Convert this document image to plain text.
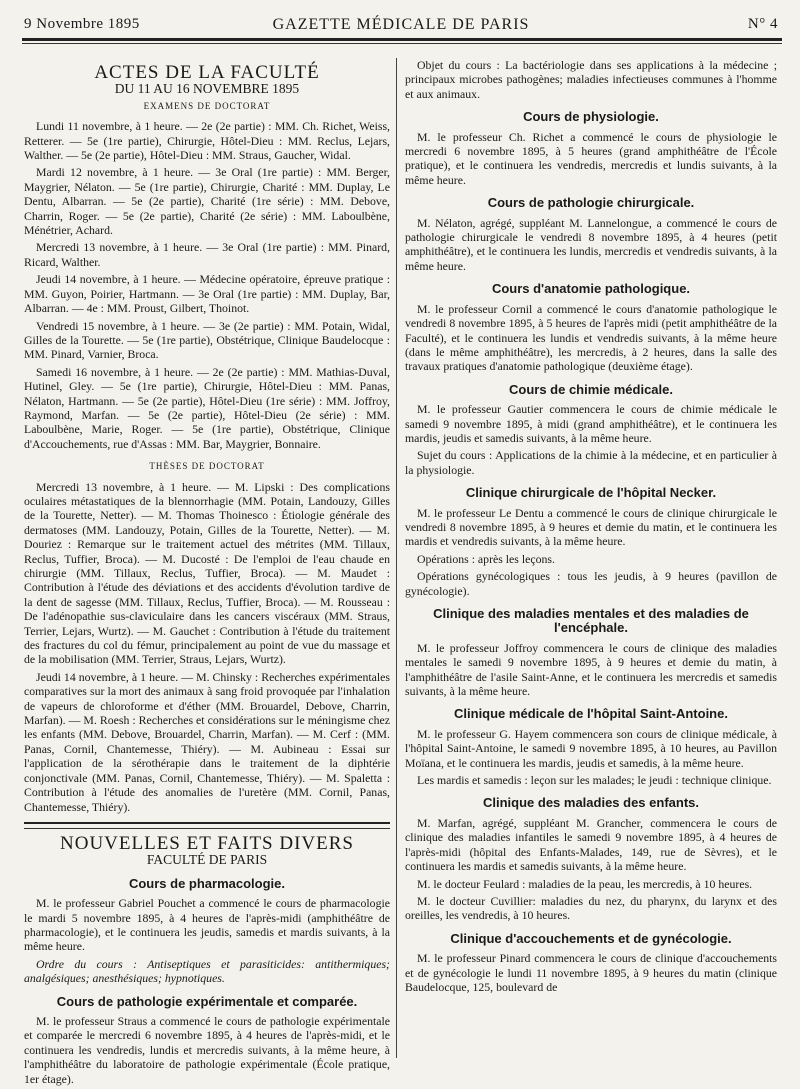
9 Novembre 1895	GAZETTE MÉDICALE DE PARIS	N° 4
ACTES DE LA FACULTÉ
DU 11 AU 16 NOVEMBRE 1895
EXAMENS DE DOCTORAT

Lundi 11 novembre, à 1 heure. — 2e (2e partie) : MM. Ch. Richet, Weiss, Retterer. — 5e (1re partie), Chirurgie, Hôtel-Dieu : MM. Reclus, Lejars, Walther. — 5e (2e partie), Hôtel-Dieu : MM. Straus, Gaucher, Widal.

Mardi 12 novembre, à 1 heure. — 3e Oral (1re partie) : MM. Berger, Maygrier, Nélaton. — 5e (1re partie), Chirurgie, Charité : MM. Duplay, Le Dentu, Albarran. — 5e (2e partie), Charité (1re série) : MM. Debove, Charrin, Roger. — 5e (2e partie), Charité (2e série) : MM. Laboulbène, Ménétrier, Achard.

Mercredi 13 novembre, à 1 heure. — 3e Oral (1re partie) : MM. Pinard, Ricard, Walther.

Jeudi 14 novembre, à 1 heure. — Médecine opératoire, épreuve pratique : MM. Guyon, Poirier, Hartmann. — 3e Oral (1re partie) : MM. Duplay, Bar, Albarran. — 4e : MM. Proust, Gilbert, Thoinot.

Vendredi 15 novembre, à 1 heure. — 3e (2e partie) : MM. Potain, Widal, Gilles de la Tourette. — 5e (1re partie), Obstétrique, Clinique Baudelocque : MM. Pinard, Varnier, Broca.

Samedi 16 novembre, à 1 heure. — 2e (2e partie) : MM. Mathias-Duval, Hutinel, Gley. — 5e (1re partie), Chirurgie, Hôtel-Dieu : MM. Panas, Nélaton, Hartmann. — 5e (2e partie), Hôtel-Dieu (1re série) : MM. Joffroy, Raymond, Marfan. — 5e (2e partie), Hôtel-Dieu (2e série) : MM. Laboulbène, Marie, Roger. — 5e (1re partie), Obstétrique, Clinique d'Accouchements, rue d'Assas : MM. Bar, Maygrier, Bonnaire.

THÈSES DE DOCTORAT

Mercredi 13 novembre, à 1 heure. — M. Lipski : Des complications oculaires métastatiques de la blennorrhagie (MM. Potain, Landouzy, Gilles de la Tourette, Netter). — M. Thomas Thoinesco : Étiologie générale des dermatoses (MM. Landouzy, Potain, Gilles de la Tourette, Netter). — M. Douriez : Remarque sur le traitement actuel des métrites (MM. Tillaux, Reclus, Tuffier, Broca). — M. Ducosté : De l'emploi de l'eau chaude en chirurgie (MM. Tillaux, Reclus, Tuffier, Broca). — M. Maudet : Contribution à l'étude des déviations et des accidents d'évolution tardive de la dent de sagesse (MM. Tillaux, Reclus, Tuffier, Broca). — M. Rousseau : De l'adénopathie sus-claviculaire dans les cancers viscéraux (MM. Straus, Terrier, Lejars, Wurtz). — M. Gauchet : Contribution à l'étude du traitement des fractures du col du fémur, principalement au point de vue du massage et de la mobilisation (MM. Terrier, Straus, Lejars, Wurtz).

Jeudi 14 novembre, à 1 heure. — M. Chinsky : Recherches expérimentales comparatives sur la mort des animaux à sang froid provoquée par l'inhalation de vapeurs de chloroforme et d'éther (MM. Brouardel, Debove, Charrin, Marfan). — M. Roesh : Recherches et considérations sur le méningisme chez les enfants (MM. Debove, Brouardel, Charrin, Marfan). — M. Cerf : (MM. Panas, Cornil, Chantemesse, Thiéry). — M. Aubineau : Essai sur l'application de la sérothérapie dans le traitement de la diphtérie conjonctivale (MM. Panas, Cornil, Chantemesse, Thiéry). — M. Spaletta : Contribution à l'étude des anomalies de l'uretère (MM. Cornil, Panas, Chantemesse, Thiéry).

NOUVELLES ET FAITS DIVERS
FACULTÉ DE PARIS
Cours de pharmacologie.

M. le professeur Gabriel Pouchet a commencé le cours de pharmacologie le mardi 5 novembre 1895, à 4 heures de l'après-midi (amphithéâtre de pharmacologie), et le continuera les jeudis, samedis et mardis suivants, à la même heure.

Ordre du cours : Antiseptiques et parasiticides: antithermiques; analgésiques; anesthésiques; hypnotiques.

Cours de pathologie expérimentale et comparée.

M. le professeur Straus a commencé le cours de pathologie expérimentale et comparée le mercredi 6 novembre 1895, à 4 heures de l'après-midi, et le continuera les vendredis, lundis et mercredis suivants, à la même heure, à l'amphithéâtre du laboratoire de pathologie expérimentale (École pratique, 1er étage).

Objet du cours : La bactériologie dans ses applications à la médecine ; principaux microbes pathogènes; maladies infectieuses communes à l'homme et aux animaux.

Cours de physiologie.

M. le professeur Ch. Richet a commencé le cours de physiologie le mercredi 6 novembre 1895, à 5 heures (grand amphithéâtre de l'École pratique), et le continuera les vendredis, mercredis et lundis suivants, à la même heure.

Cours de pathologie chirurgicale.

M. Nélaton, agrégé, suppléant M. Lannelongue, a commencé le cours de pathologie chirurgicale le vendredi 8 novembre 1895, à 4 heures (petit amphithéâtre), et le continuera les lundis, mercredis et vendredis suivants, à la même heure.

Cours d'anatomie pathologique.

M. le professeur Cornil a commencé le cours d'anatomie pathologique le vendredi 8 novembre 1895, à 5 heures de l'après midi (petit amphithéâtre de la Faculté), et le continuera les lundis et vendredis suivants, à la même heure (dans le même amphithéâtre), les mercredis, à 2 heures, dans la salle des travaux pratiques d'anatomie pathologique (deuxième étage).

Cours de chimie médicale.

M. le professeur Gautier commencera le cours de chimie médicale le samedi 9 novembre 1895, à midi (grand amphithéâtre), et le continuera les mardis, jeudis et samedis suivants, à la même heure.

Sujet du cours : Applications de la chimie à la médecine, et en particulier à la physiologie.

Clinique chirurgicale de l'hôpital Necker.

M. le professeur Le Dentu a commencé le cours de clinique chirurgicale le vendredi 8 novembre 1895, à 9 heures et demie du matin, et le continuera les mardis et vendredis suivants, à la même heure.

Opérations : après les leçons.

Opérations gynécologiques : tous les jeudis, à 9 heures (pavillon de gynécologie).

Clinique des maladies mentales et des maladies de l'encéphale.

M. le professeur Joffroy commencera le cours de clinique des maladies mentales le samedi 9 novembre 1895, à 9 heures et demie du matin, à l'amphithéâtre de l'asile Saint-Anne, et le continuera les mercredis et samedis suivants, à la même heure.

Clinique médicale de l'hôpital Saint-Antoine.

M. le professeur G. Hayem commencera son cours de clinique médicale, à l'hôpital Saint-Antoine, le samedi 9 novembre 1895, à 10 heures, au Pavillon Moïana, et le continuera les mardis, jeudis et samedis, à la même heure.

Les mardis et samedis : leçon sur les malades; le jeudi : technique clinique.

Clinique des maladies des enfants.

M. Marfan, agrégé, suppléant M. Grancher, commencera le cours de clinique des maladies infantiles le samedi 9 novembre 1895, à 4 heures de l'après-midi (hôpital des Enfants-Malades, 149, rue de Sèvres), et le continuera les mardis et samedis suivants, à la même heure.

M. le docteur Feulard : maladies de la peau, les mercredis, à 10 heures.

M. le docteur Cuvillier: maladies du nez, du pharynx, du larynx et des oreilles, les vendredis, à 10 heures.

Clinique d'accouchements et de gynécologie.

M. le professeur Pinard commencera le cours de clinique d'accouchements et de gynécologie le lundi 11 novembre 1895, à 9 heures du matin (clinique Baudelocque, 125, boulevard de
